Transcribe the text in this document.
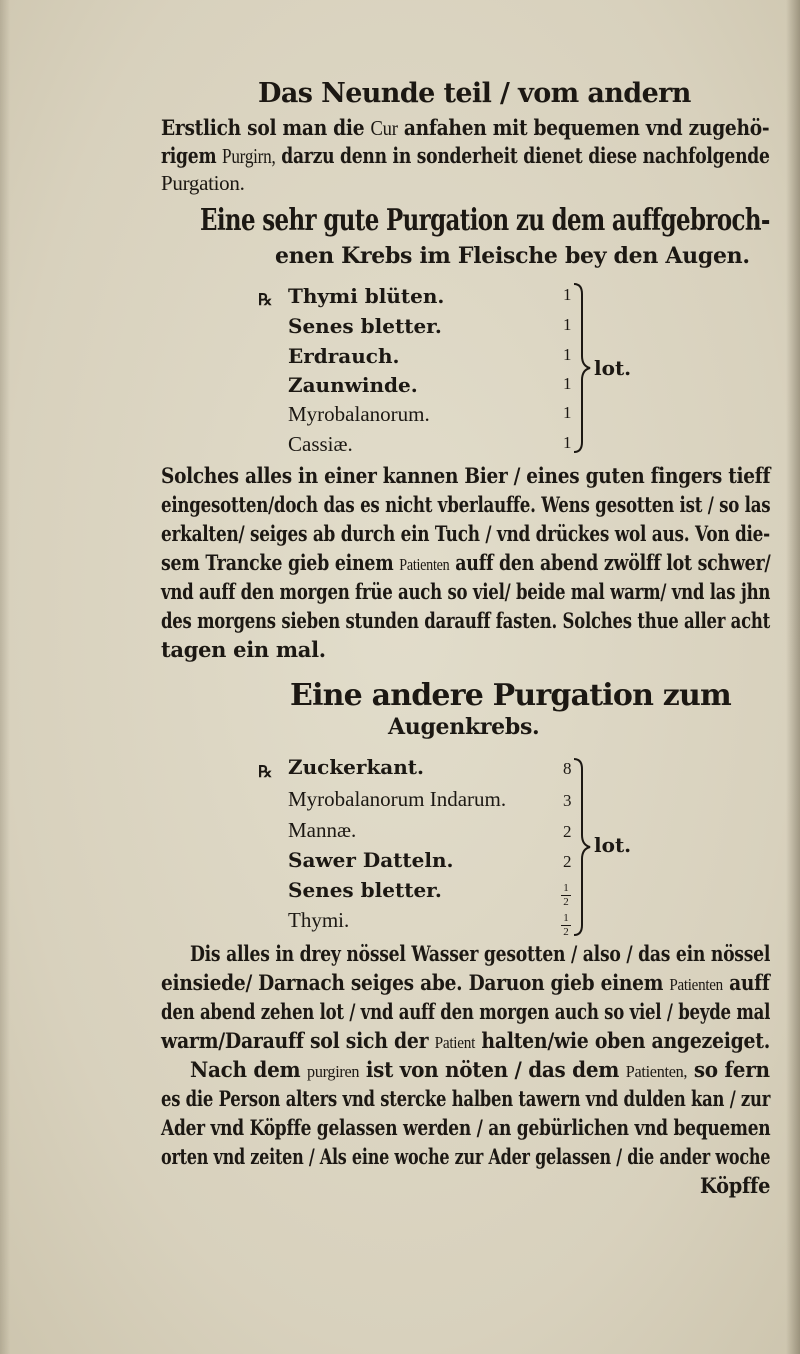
Das Neunde teil / vom andern
Erstlich sol man die Cur anfahen mit bequemen vnd zugehö-
rigem Purgirn, darzu denn in sonderheit dienet diese nachfolgende
Purgation.
Eine sehr gute Purgation zu dem auffgebroch-
enen Krebs im Fleische bey den Augen.
℞ Thymi blüten.
Senes bletter.
Erdrauch.
Zaunwinde.
Myrobalanorum.
Cassiæ.
1
1
1
1
1
1
lot.
Solches alles in einer kannen Bier / eines guten fingers tieff
eingesotten/doch das es nicht vberlauffe. Wens gesotten ist / so las
erkalten/ seiges ab durch ein Tuch / vnd drückes wol aus. Von die-
sem Trancke gieb einem Patienten auff den abend zwölff lot schwer/
vnd auff den morgen früe auch so viel/ beide mal warm/ vnd las jhn
des morgens sieben stunden darauff fasten. Solches thue aller acht
tagen ein mal.
Eine andere Purgation zum
Augenkrebs.
℞ Zuckerkant.
Myrobalanorum Indarum.
Mannæ.
Sawer Datteln.
Senes bletter.
Thymi.
8
3
2
2
1
2
1
2
lot.
Dis alles in drey nössel Wasser gesotten / also / das ein nössel
einsiede/ Darnach seiges abe. Daruon gieb einem Patienten auff
den abend zehen lot / vnd auff den morgen auch so viel / beyde mal
warm/Darauff sol sich der Patient halten/wie oben angezeiget.
Nach dem purgiren ist von nöten / das dem Patienten, so fern
es die Person alters vnd stercke halben tawern vnd dulden kan / zur
Ader vnd Köpffe gelassen werden / an gebürlichen vnd bequemen
orten vnd zeiten / Als eine woche zur Ader gelassen / die ander woche
Köpffe
